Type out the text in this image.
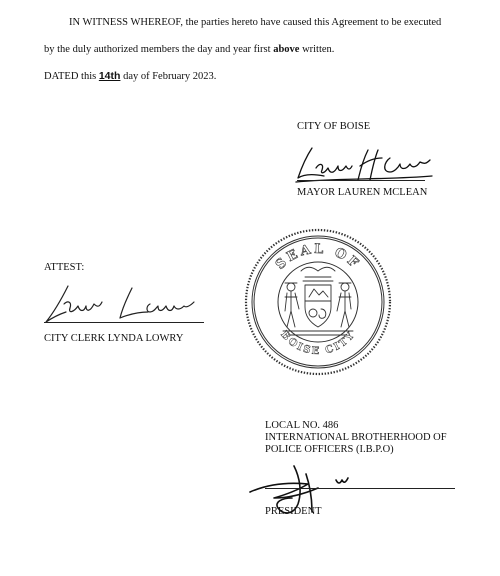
IN WITNESS WHEREOF, the parties hereto have caused this Agreement to be executed
by the duly authorized members the day and year first above written.
DATED this 14th day of February 2023.
CITY OF BOISE
MAYOR LAUREN MCLEAN
ATTEST:
CITY CLERK LYNDA LOWRY
SEAL OF
BOISE CITY
LOCAL NO. 486
INTERNATIONAL BROTHERHOOD OF
POLICE OFFICERS (I.B.P.O)
PRESIDENT
